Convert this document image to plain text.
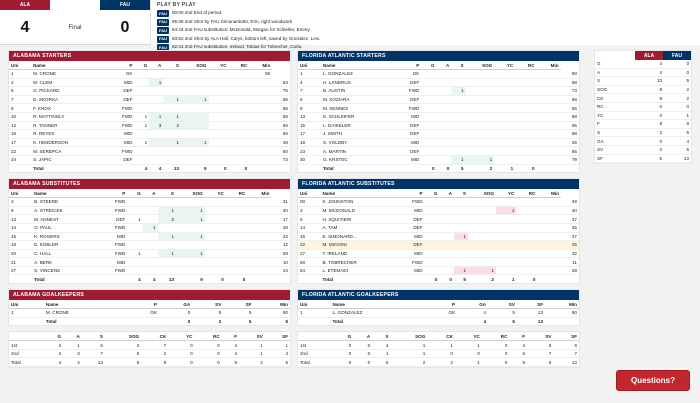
ALA	FAU
4	Final	0
PLAY BY PLAY
FAU	90:00 2nd End of period.
FAU	85:36 2nd Shot by FAU Simonardottir, Erin, right woodwork.
FAU	84:44 2nd FAU substitution: McDonald, Morgan for Schleifer, Emmy.
FAU	83:52 2nd Shot by ALA Hall, Carys, bottom left, saved by Gonzalez, Lexi.
FAU	82:41 2nd FAU substitution: Ireland, Tobias for Tobrecher, Carla.
ALABAMA STARTERS
Uni	Name	P	G	A	S	SOG	YC	RC	Min	
1	M. CRONE	GK							90	
2	M. CLEM	MID		1						54
5	G. PICKARD	DEF								76
7	D. SKORKA	DEF			1	1				65
8	F. KNOX	FWD								66
10	R. MATTINGLY	FWD	1	1	1					56
12	R. TANNER	FWD	1	3	2					66
16	R. REYES	MID								66
17	K. HENDERSON	MID	1		1	1				48
22	M. SEREPCA	FWD								60
24	S. JAPIC	DEF								73
	Total		4	4	13	9	0	0		
ALABAMA SUBSTITUTES
Uni	Name	P	G	A	S	SOG	YC	RC	Min	
3	B. STEERE	FWD								31
9	A. STREICEK	FWD			1	1				40
13	M. ANNEST	DEF	1		2	1				17
14	O. PAUL	FWD		1						48
15	K. ROGERS	MID			1	1				43
18	E. KOBLER	FWD								12
20	C. HALL	FWD	1		1	1				58
21	A. BERK	MID								10
27	S. VINCENS	FWD								24
	Total		4	4	13	9	0	0		
ALABAMA GOALKEEPERS
Uni	Name	P	GA	SV	SF	Min
1	M. CRONE	GK	0	5	5	90
	Total		0	2	5	5
	G	A	S	SOG	CK	YC	RC	F	SV	SF
1st	2	1	6	3	7	0	0	4	1	1
2nd	2	3	7	6	2	0	0	4	1	4
Total	4	4	13	9	9	0	0	8	2	5
FLORIDA ATLANTIC STARTERS
Uni	Name	P	G	A	S	SOG	YC	RC	Min	
1	L. GONZALEZ	GK								90
4	H. LANDRUS	DEF								58
7	B. AUSTIN	FWD			1					73
8	M. KOZIARA	DEF								68
9	M. SENNES	FWD								65
13	E. SCHLEIFER	MID								68
15	L. DAIKELER	DEF								65
17	J. SMITH	DEF								68
18	S. VOLDBY	MID								26
23	A. MARTIN	DEF								65
30	G. KRSTEC	MID			1	1				79
	Total		0	0	5	2	1	0		
FLORIDA ATLANTIC SUBSTITUTES
Uni	Name	P	G	A	S	SOG	YC	RC	Min	
00	K. JOHNSTON	FWD								49
3	M. MCDONALD	MID					1			40
6	H. SQUITIERI	DEF								37
14	A. TAM	DEF								45
16	E. SIMONARD...	MID			1					27
22	M. MICIONI	DEF								25
27	T. IRELAND	MID								32
50	B. TOBRECHER	FWD								11
54	L. ETEMADI	MID			1	1				28
	Total		0	0	5	2	1	0		
FLORIDA ATLANTIC GOALKEEPERS
Uni	Name	P	GA	SV	SF	Min
1	L. GONZALEZ	GK	4	5	13	90
	Total		4	5	13	
	G	A	S	SOG	CK	YC	RC	F	SV	SF
1st	0	0	4	1	1	1	0	4	6	6
2nd	0	0	1	1	0	0	0	6	7	7
Total	0	0	5	2	2	1	0	8	5	13
ALA	FAU
G	4	0
A	4	0
S	13	5
SOG	9	2
CK	9	2
RC	0	0
YC	0	1
F	8	8
S	2	5
GA	0	4
SV	2	5
SF	5	13
Questions?
